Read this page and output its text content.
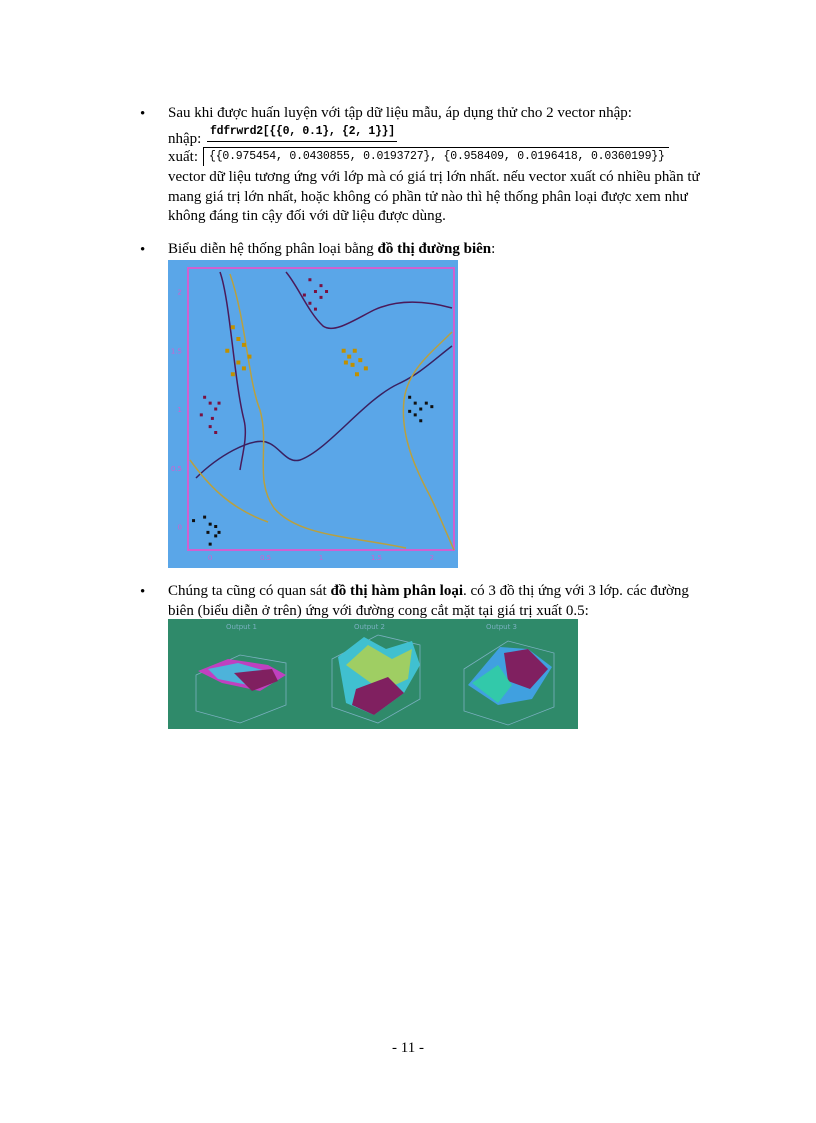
• Sau khi được huấn luyện với tập dữ liệu mẫu, áp dụng thử cho 2 vector nhập:
nhập: fdfrwrd2[{{0, 0.1}, {2, 1}}]
xuất: {{0.975454, 0.0430855, 0.0193727}, {0.958409, 0.0196418, 0.0360199}}
vector dữ liệu tương ứng với lớp mà có giá trị lớn nhất. nếu vector xuất có nhiều phần tử mang giá trị lớn nhất, hoặc không có phần tử nào thì hệ thống phân loại được xem như không đáng tin cậy đối với dữ liệu được dùng.
• Biểu diễn hệ thống phân loại bằng đồ thị đường biên:
0	0.5	1	1.5	2
0
0.5
1
1.5
2
• Chúng ta cũng có quan sát đồ thị hàm phân loại. có 3 đồ thị ứng với 3 lớp. các đường biên (biểu diễn ở trên) ứng với đường cong cắt mặt tại giá trị xuất 0.5:
Output 1	Output 2	Output 3
- 11 -
